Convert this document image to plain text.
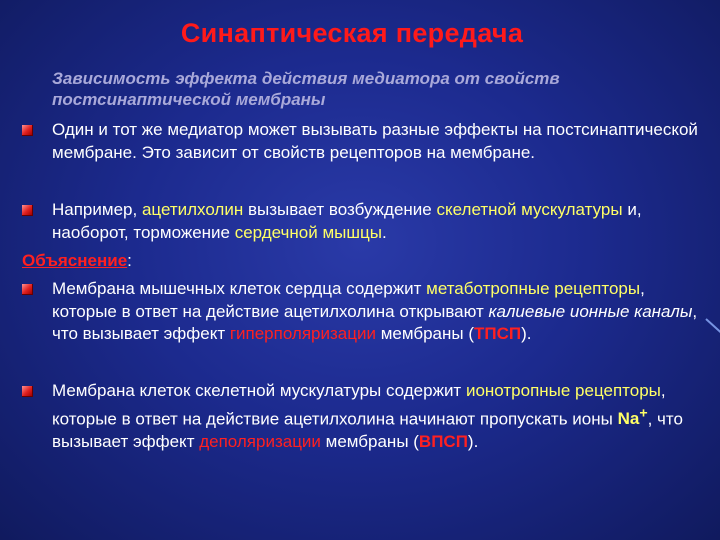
Синаптическая передача
Зависимость эффекта действия медиатора от свойств постсинаптической мембраны
Один и тот же медиатор может вызывать разные эффекты на постсинаптической мембране. Это зависит от свойств рецепторов на мембране.
Например, ацетилхолин вызывает возбуждение скелетной мускулатуры и, наоборот, торможение сердечной мышцы.
Объяснение:
Мембрана мышечных клеток сердца содержит метаботропные рецепторы, которые в ответ на действие ацетилхолина открывают калиевые ионные каналы, что вызывает эффект гиперполяризации мембраны (ТПСП).
Мембрана клеток скелетной мускулатуры содержит ионотропные рецепторы, которые в ответ на действие ацетилхолина начинают пропускать ионы Na+, что вызывает эффект деполяризации мембраны (ВПСП).
